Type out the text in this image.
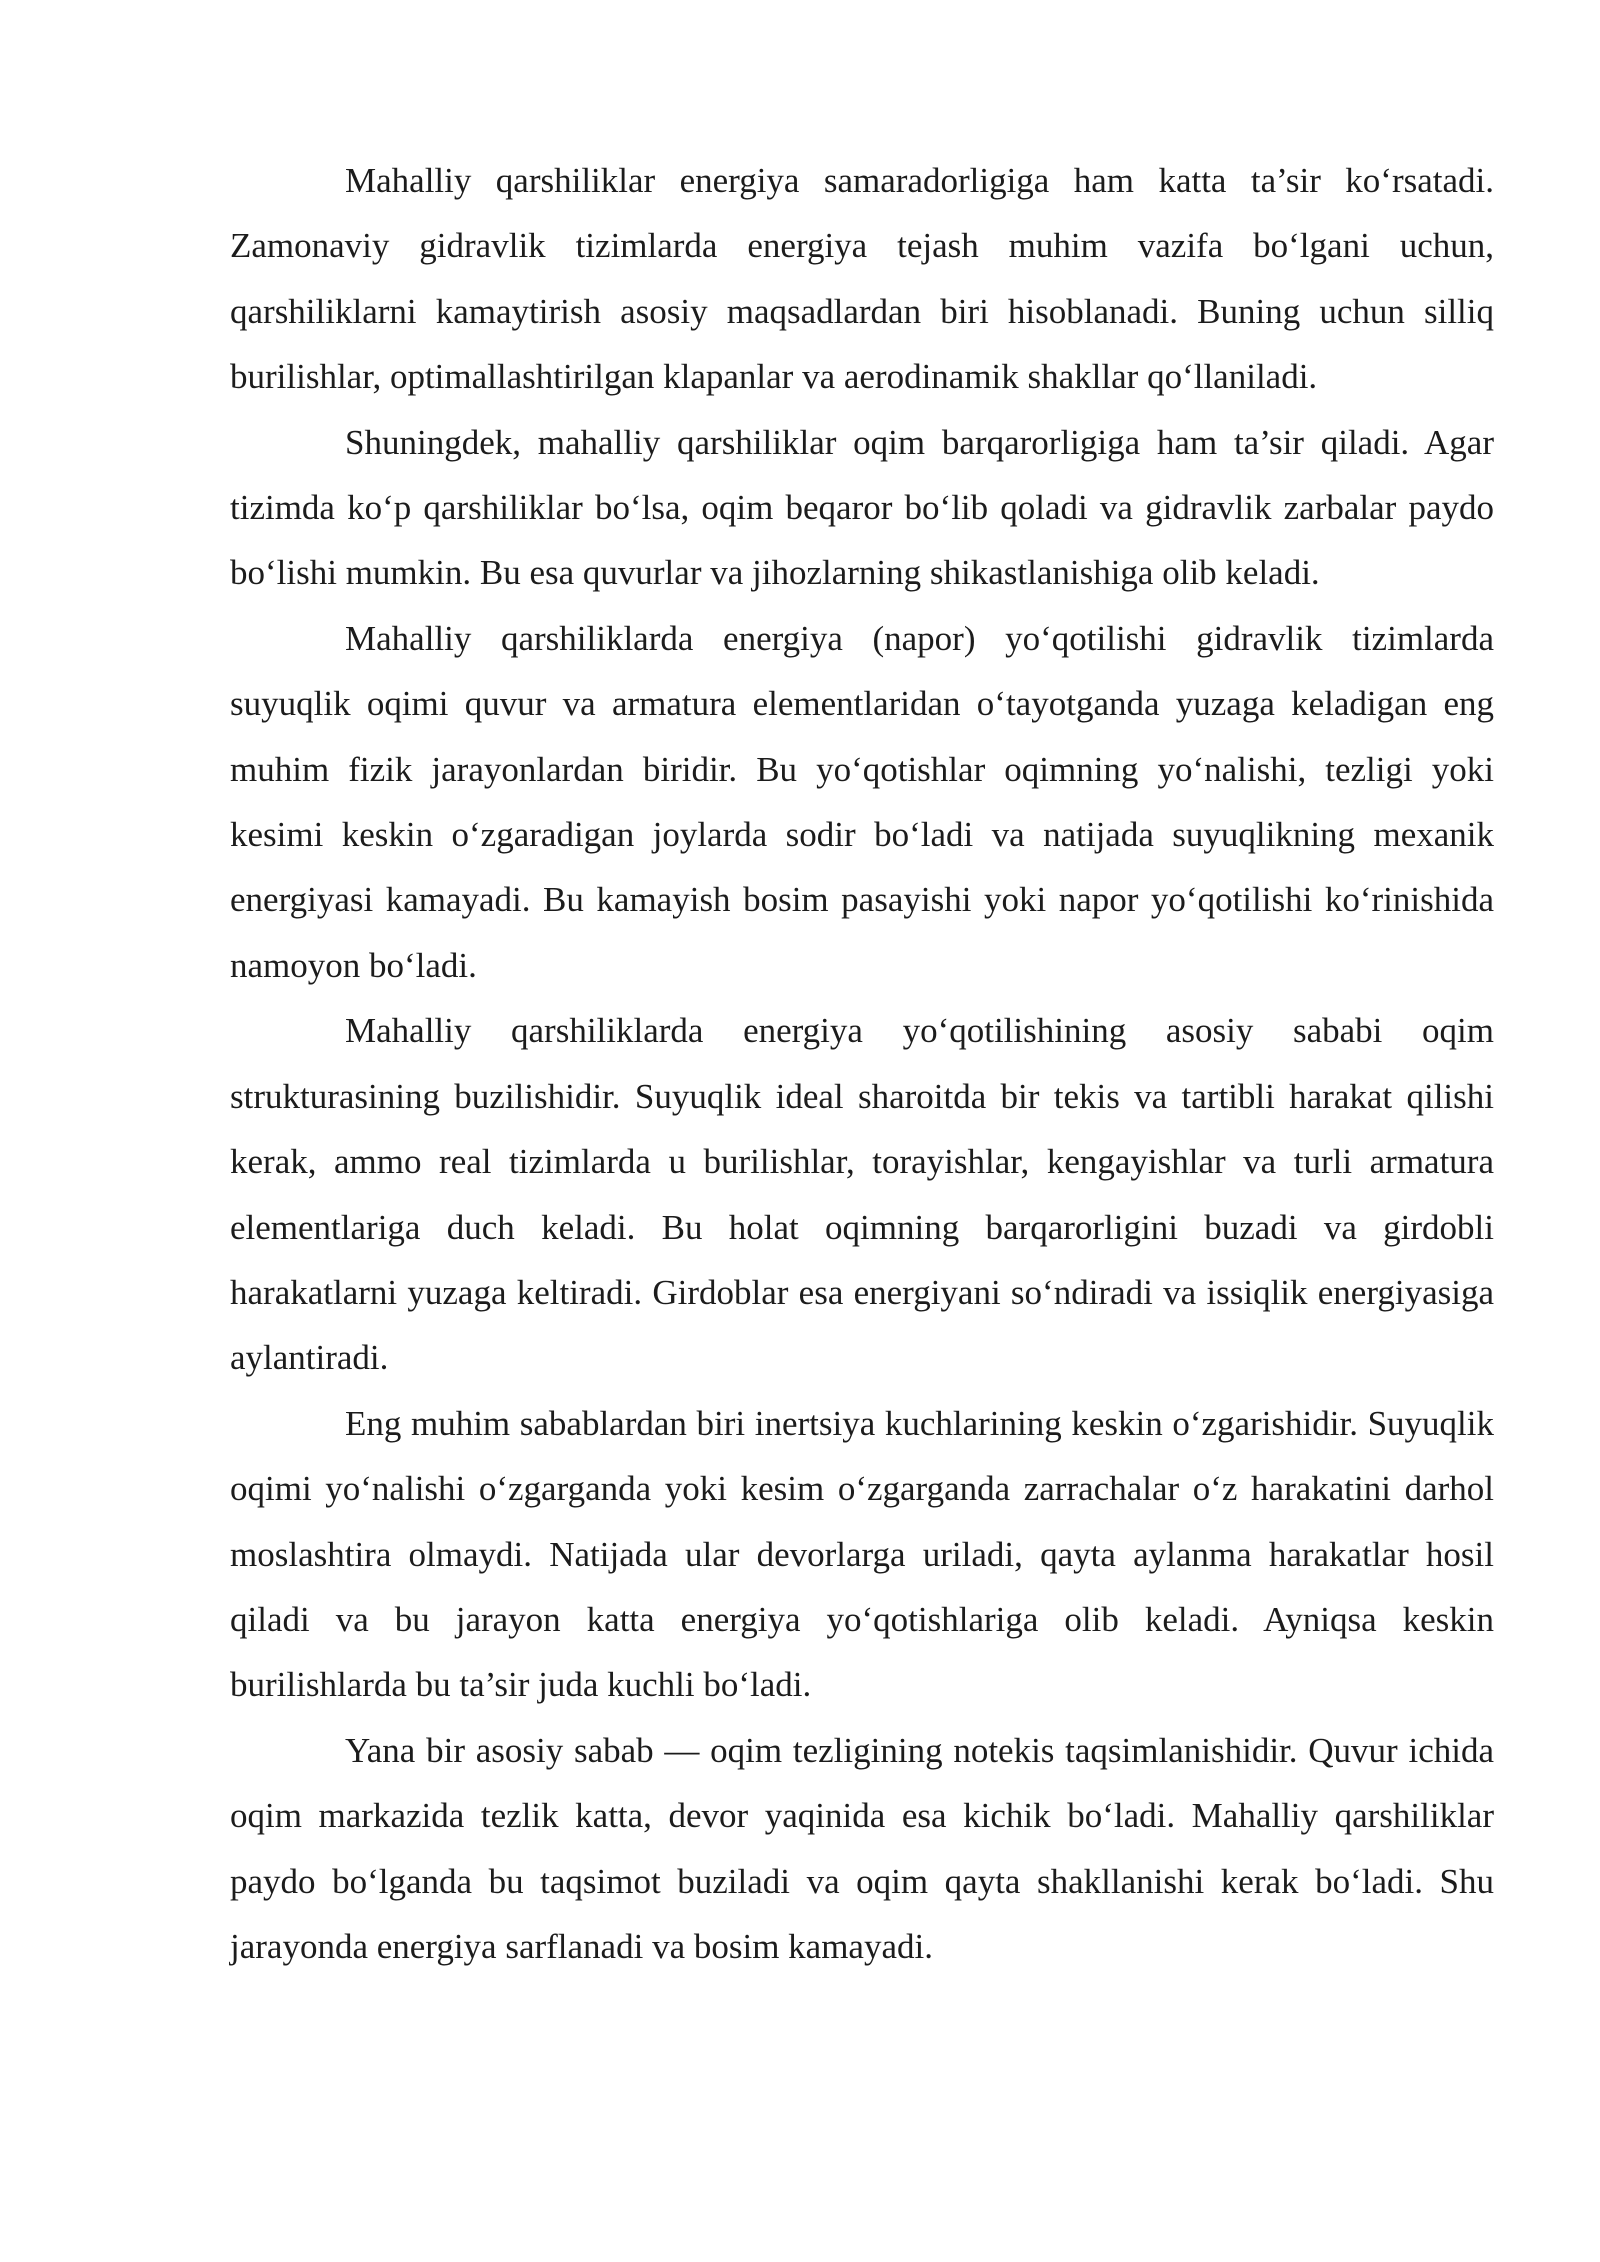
Mahalliy qarshiliklar energiya samaradorligiga ham katta ta’sir ko‘rsatadi. Zamonaviy gidravlik tizimlarda energiya tejash muhim vazifa bo‘lgani uchun, qarshiliklarni kamaytirish asosiy maqsadlardan biri hisoblanadi. Buning uchun silliq burilishlar, optimallashtirilgan klapanlar va aerodinamik shakllar qo‘llaniladi.

Shuningdek, mahalliy qarshiliklar oqim barqarorligiga ham ta’sir qiladi. Agar tizimda ko‘p qarshiliklar bo‘lsa, oqim beqaror bo‘lib qoladi va gidravlik zarbalar paydo bo‘lishi mumkin. Bu esa quvurlar va jihozlarning shikastlanishiga olib keladi.

Mahalliy qarshiliklarda energiya (napor) yo‘qotilishi gidravlik tizimlarda suyuqlik oqimi quvur va armatura elementlaridan o‘tayotganda yuzaga keladigan eng muhim fizik jarayonlardan biridir. Bu yo‘qotishlar oqimning yo‘nalishi, tezligi yoki kesimi keskin o‘zgaradigan joylarda sodir bo‘ladi va natijada suyuqlikning mexanik energiyasi kamayadi. Bu kamayish bosim pasayishi yoki napor yo‘qotilishi ko‘rinishida namoyon bo‘ladi.

Mahalliy qarshiliklarda energiya yo‘qotilishining asosiy sababi oqim strukturasining buzilishidir. Suyuqlik ideal sharoitda bir tekis va tartibli harakat qilishi kerak, ammo real tizimlarda u burilishlar, torayishlar, kengayishlar va turli armatura elementlariga duch keladi. Bu holat oqimning barqarorligini buzadi va girdobli harakatlarni yuzaga keltiradi. Girdoblar esa energiyani so‘ndiradi va issiqlik energiyasiga aylantiradi.

Eng muhim sabablardan biri inertsiya kuchlarining keskin o‘zgarishidir. Suyuqlik oqimi yo‘nalishi o‘zgarganda yoki kesim o‘zgarganda zarrachalar o‘z harakatini darhol moslashtira olmaydi. Natijada ular devorlarga uriladi, qayta aylanma harakatlar hosil qiladi va bu jarayon katta energiya yo‘qotishlariga olib keladi. Ayniqsa keskin burilishlarda bu ta’sir juda kuchli bo‘ladi.

Yana bir asosiy sabab — oqim tezligining notekis taqsimlanishidir. Quvur ichida oqim markazida tezlik katta, devor yaqinida esa kichik bo‘ladi. Mahalliy qarshiliklar paydo bo‘lganda bu taqsimot buziladi va oqim qayta shakllanishi kerak bo‘ladi. Shu jarayonda energiya sarflanadi va bosim kamayadi.
